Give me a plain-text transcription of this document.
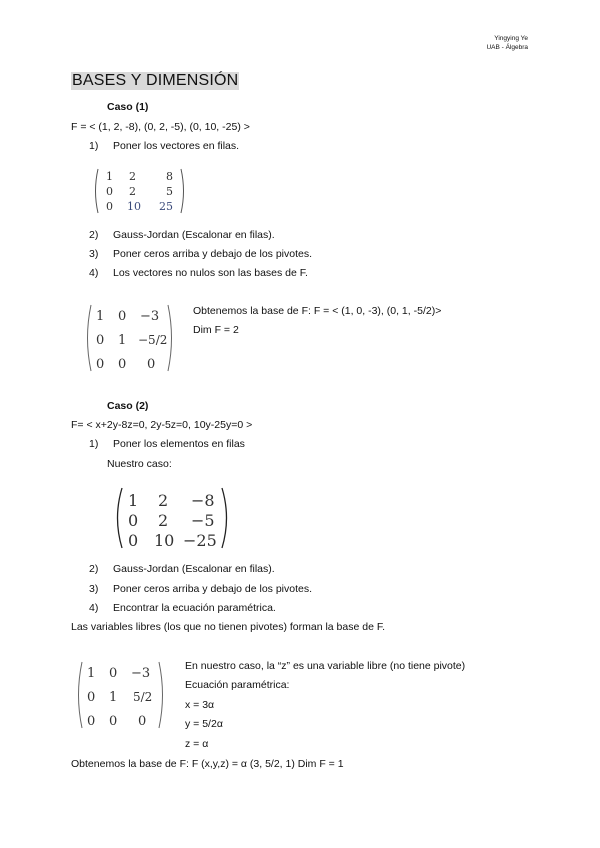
Yingying Ye
UAB - Álgebra
BASES Y DIMENSIÓN
Caso (1)
F = < (1, 2, -8), (0, 2, -5), (0, 10, -25) >
1) Poner los vectores en filas.
1 2	8
0 2	5
0 10 25
2) Gauss-Jordan (Escalonar en filas).
3) Poner ceros arriba y debajo de los pivotes.
4) Los vectores no nulos son las bases de F.
1 0 −3
0 1 −5/2
0 0 0
Obtenemos la base de F: F = < (1, 0, -3), (0, 1, -5/2)>
Dim F = 2
Caso (2)
F= < x+2y-8z=0, 2y-5z=0, 10y-25y=0 >
1) Poner los elementos en filas
Nuestro caso:
1 2 −8
0 2 −5
0 10 −25
2) Gauss-Jordan (Escalonar en filas).
3) Poner ceros arriba y debajo de los pivotes.
4) Encontrar la ecuación paramétrica.
Las variables libres (los que no tienen pivotes) forman la base de F.
1 0 −3
0 1 5/2
0 0 0
En nuestro caso, la “z” es una variable libre (no tiene pivote)
Ecuación paramétrica:
x = 3α
y = 5/2α
z = α
Obtenemos la base de F: F (x,y,z) = α (3, 5/2, 1) Dim F = 1
